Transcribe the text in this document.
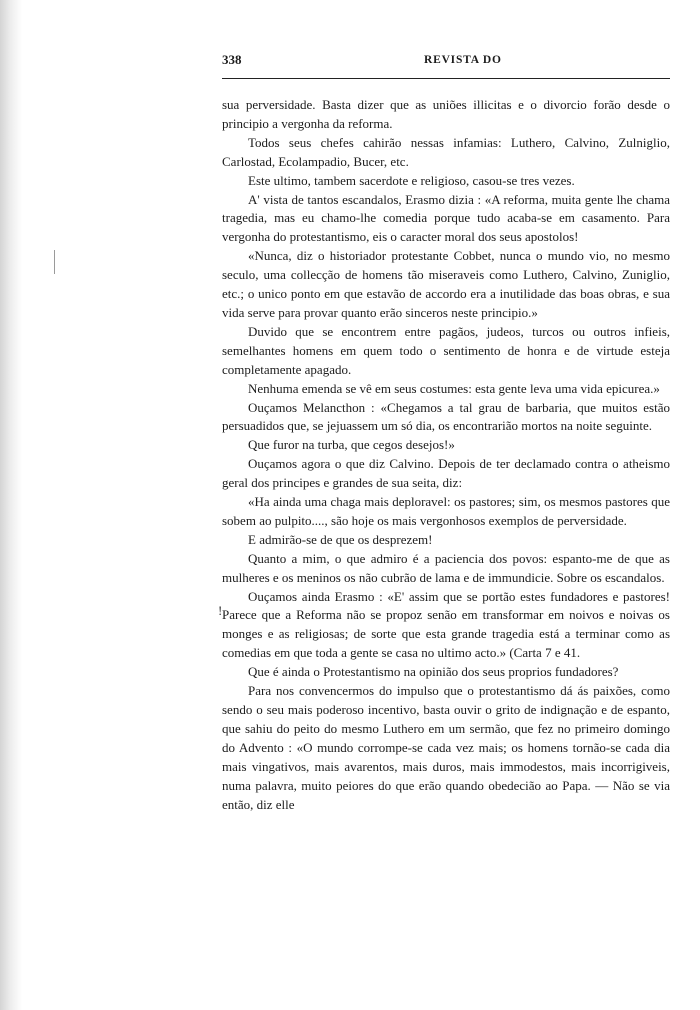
338	REVISTA DO
!

sua perversidade. Basta dizer que as uniões illicitas e o divorcio forão desde o principio a vergonha da reforma.

Todos seus chefes cahirão nessas infamias: Luthero, Calvino, Zulniglio, Carlostad, Ecolampadio, Bucer, etc.

Este ultimo, tambem sacerdote e religioso, casou-se tres vezes.

A' vista de tantos escandalos, Erasmo dizia : «A reforma, muita gente lhe chama tragedia, mas eu chamo-lhe comedia porque tudo acaba-se em casamento. Para vergonha do protestantismo, eis o caracter moral dos seus apostolos!

«Nunca, diz o historiador protestante Cobbet, nunca o mundo vio, no mesmo seculo, uma collecção de homens tão miseraveis como Luthero, Calvino, Zuniglio, etc.; o unico ponto em que estavão de accordo era a inutilidade das boas obras, e sua vida serve para provar quanto erão sinceros neste principio.»

Duvido que se encontrem entre pagãos, judeos, turcos ou outros infieis, semelhantes homens em quem todo o sentimento de honra e de virtude esteja completamente apagado.

Nenhuma emenda se vê em seus costumes: esta gente leva uma vida epicurea.»

Ouçamos Melancthon : «Chegamos a tal grau de barbaria, que muitos estão persuadidos que, se jejuassem um só dia, os encontrarião mortos na noite seguinte.

Que furor na turba, que cegos desejos!»

Ouçamos agora o que diz Calvino. Depois de ter declamado contra o atheismo geral dos principes e grandes de sua seita, diz:

«Ha ainda uma chaga mais deploravel: os pastores; sim, os mesmos pastores que sobem ao pulpito...., são hoje os mais vergonhosos exemplos de perversidade.

E admirão-se de que os desprezem!

Quanto a mim, o que admiro é a paciencia dos povos: espanto-me de que as mulheres e os meninos os não cubrão de lama e de immundicie. Sobre os escandalos.

Ouçamos ainda Erasmo : «E' assim que se portão estes fundadores e pastores! Parece que a Reforma não se propoz senão em transformar em noivos e noivas os monges e as religiosas; de sorte que esta grande tragedia está a terminar como as comedias em que toda a gente se casa no ultimo acto.» (Carta 7 e 41.

Que é ainda o Protestantismo na opinião dos seus proprios fundadores?

Para nos convencermos do impulso que o protestantismo dá ás paixões, como sendo o seu mais poderoso incentivo, basta ouvir o grito de indignação e de espanto, que sahiu do peito do mesmo Luthero em um sermão, que fez no primeiro domingo do Advento : «O mundo corrompe-se cada vez mais; os homens tornão-se cada dia mais vingativos, mais avarentos, mais duros, mais immodestos, mais incorrigiveis, numa palavra, muito peiores do que erão quando obedecião ao Papa. — Não se via então, diz elle
